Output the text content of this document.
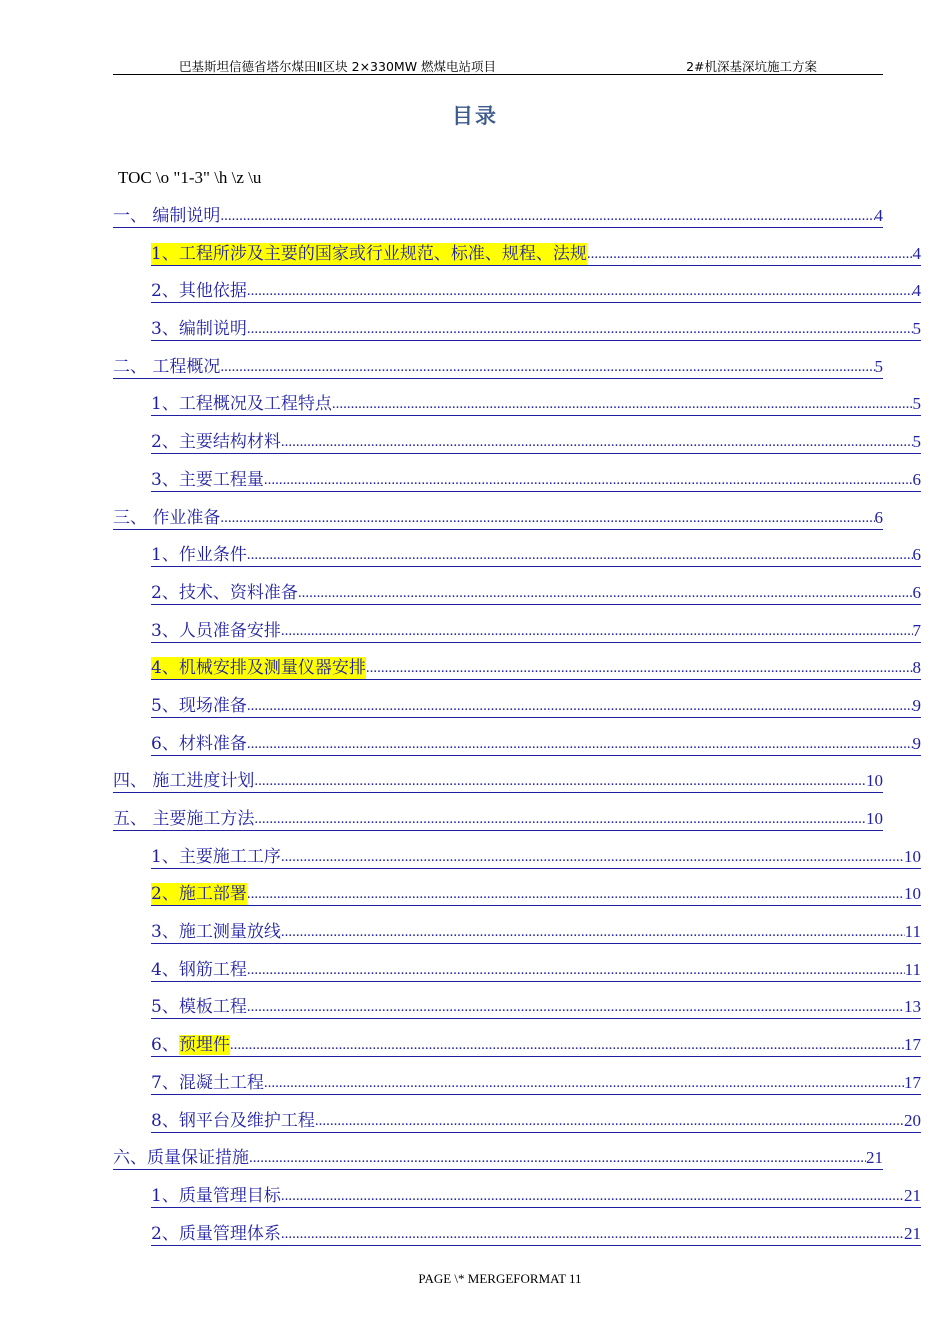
巴基斯坦信德省塔尔煤田Ⅱ区块 2×330MW 燃煤电站项目	2#机深基深坑施工方案
目录
TOC \o "1-3" \h \z \u
一、 编制说明 .....	4
1、工程所涉及主要的国家或行业规范、标准、规程、法规 .....	4
2、其他依据 .....	4
3、编制说明 .....	5
二、 工程概况 .....	5
1、工程概况及工程特点 .....	5
2、主要结构材料 .....	5
3、主要工程量 .....	6
三、 作业准备 .....	6
1、作业条件 .....	6
2、技术、资料准备 .....	6
3、人员准备安排 .....	7
4、机械安排及测量仪器安排 .....	8
5、现场准备 .....	9
6、材料准备 .....	9
四、 施工进度计划 .....	10
五、 主要施工方法 .....	10
1、主要施工工序 .....	10
2、施工部署 .....	10
3、施工测量放线 .....	11
4、钢筋工程 .....	11
5、模板工程 .....	13
6、预埋件 .....	17
7、混凝土工程 .....	17
8、钢平台及维护工程 .....	20
六、质量保证措施 .....	21
1、质量管理目标 .....	21
2、质量管理体系 .....	21
PAGE \* MERGEFORMAT 11
